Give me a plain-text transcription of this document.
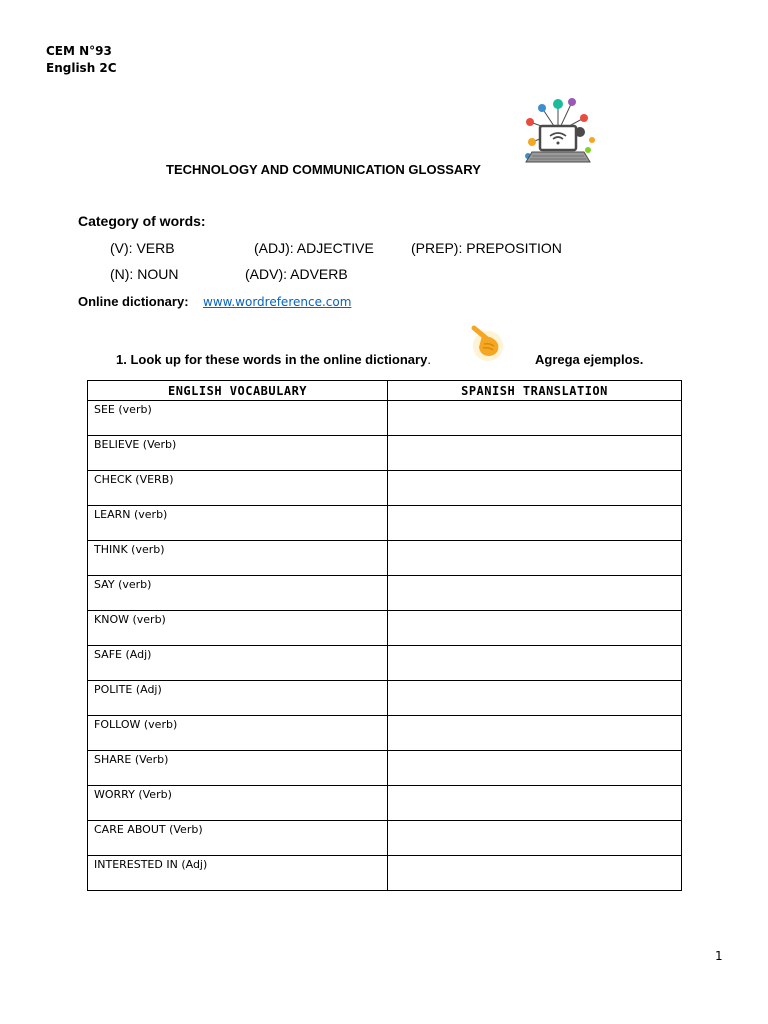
CEM N°93
English 2C
TECHNOLOGY AND COMMUNICATION GLOSSARY
Category of words:
(V): VERB	(ADJ): ADJECTIVE	(PREP): PREPOSITION
(N): NOUN	(ADV): ADVERB
Online dictionary: www.wordreference.com
1. Look up for these words in the online dictionary.	Agrega ejemplos.
ENGLISH VOCABULARY	SPANISH TRANSLATION
SEE (verb)	
BELIEVE (Verb)	
CHECK (VERB)	
LEARN (verb)	
THINK (verb)	
SAY (verb)	
KNOW (verb)	
SAFE (Adj)	
POLITE (Adj)	
FOLLOW (verb)	
SHARE (Verb)	
WORRY (Verb)	
CARE ABOUT (Verb)	
INTERESTED IN (Adj)	
1
